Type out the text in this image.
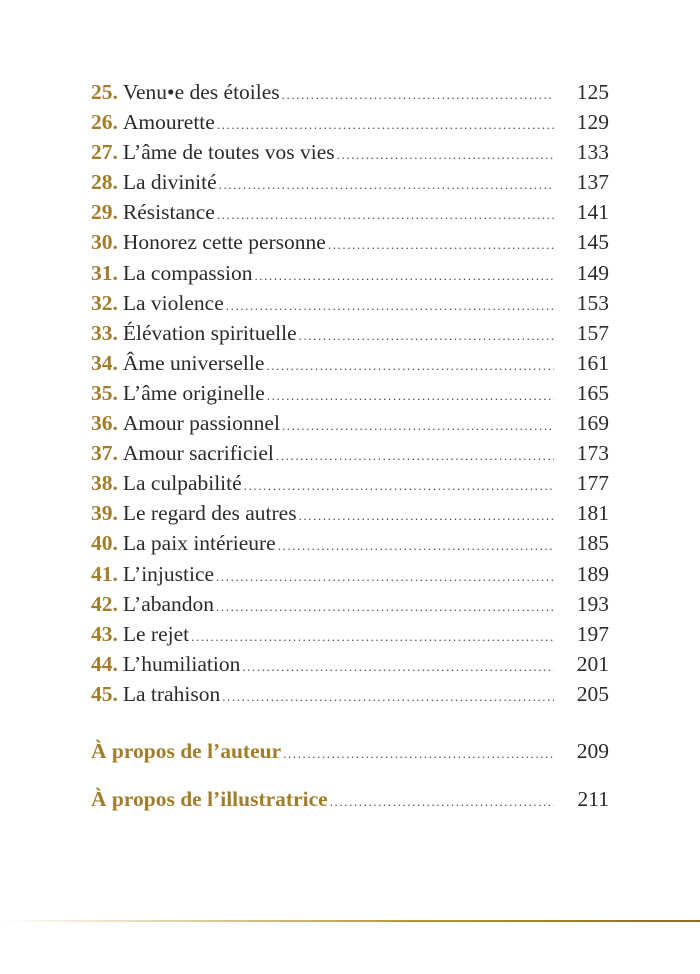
25. Venu•e des étoiles .....	125
26. Amourette .....	129
27. L’âme de toutes vos vies .....	133
28. La divinité .....	137
29. Résistance .....	141
30. Honorez cette personne .....	145
31. La compassion .....	149
32. La violence .....	153
33. Élévation spirituelle .....	157
34. Âme universelle .....	161
35. L’âme originelle .....	165
36. Amour passionnel .....	169
37. Amour sacrificiel .....	173
38. La culpabilité .....	177
39. Le regard des autres .....	181
40. La paix intérieure .....	185
41. L’injustice .....	189
42. L’abandon .....	193
43. Le rejet .....	197
44. L’humiliation .....	201
45. La trahison .....	205
À propos de l’auteur .....	209
À propos de l’illustratrice .....	211
